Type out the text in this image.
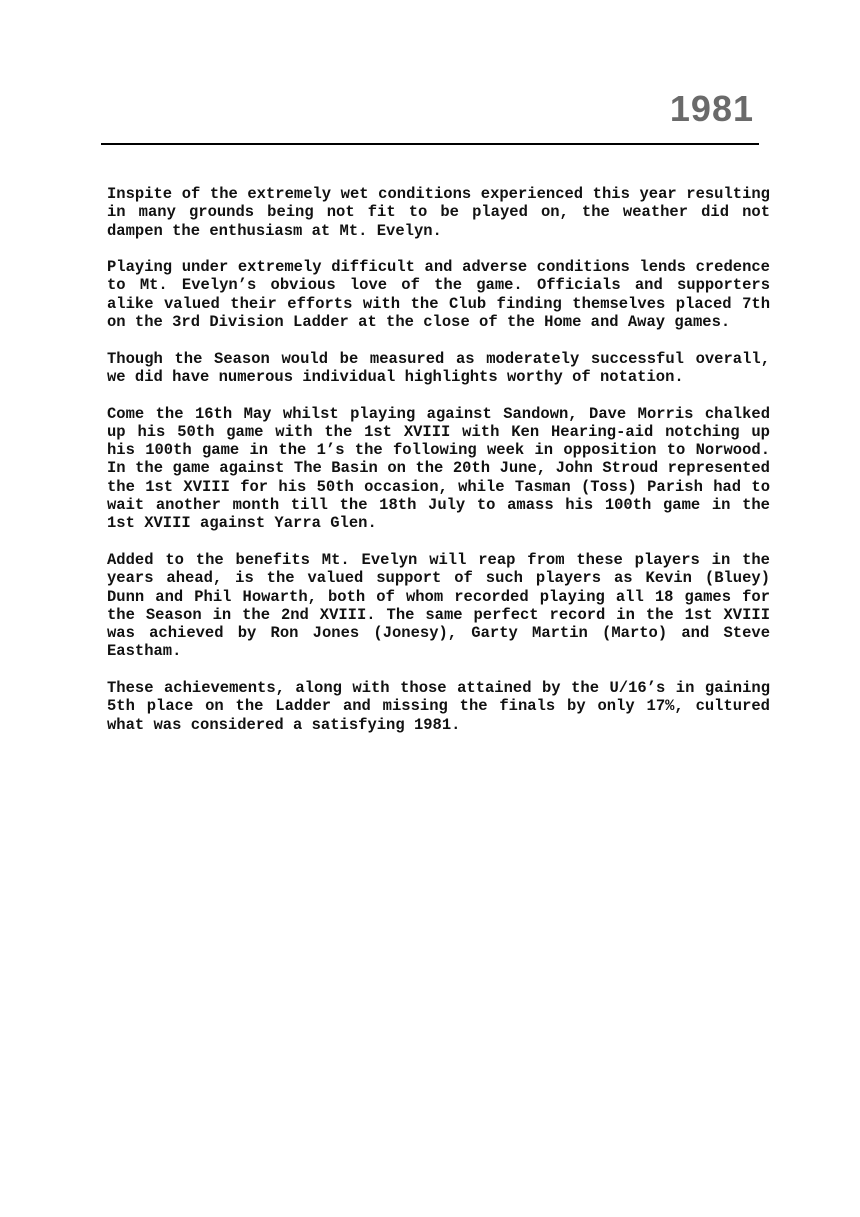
1981

Inspite of the extremely wet conditions experienced this year resulting in many grounds being not fit to be played on, the weather did not dampen the enthusiasm at Mt. Evelyn.

Playing under extremely difficult and adverse conditions lends credence to Mt. Evelyn’s obvious love of the game. Officials and supporters alike valued their efforts with the Club finding themselves placed 7th on the 3rd Division Ladder at the close of the Home and Away games.

Though the Season would be measured as moderately successful overall, we did have numerous individual highlights worthy of notation.

Come the 16th May whilst playing against Sandown, Dave Morris chalked up his 50th game with the 1st XVIII with Ken Hearing-aid notching up his 100th game in the 1’s the following week in opposition to Norwood. In the game against The Basin on the 20th June, John Stroud represented the 1st XVIII for his 50th occasion, while Tasman (Toss) Parish had to wait another month till the 18th July to amass his 100th game in the 1st XVIII against Yarra Glen.

Added to the benefits Mt. Evelyn will reap from these players in the years ahead, is the valued support of such players as Kevin (Bluey) Dunn and Phil Howarth, both of whom recorded playing all 18 games for the Season in the 2nd XVIII. The same perfect record in the 1st XVIII was achieved by Ron Jones (Jonesy), Garty Martin (Marto) and Steve Eastham.

These achievements, along with those attained by the U/16’s in gaining 5th place on the Ladder and missing the finals by only 17%, cultured what was considered a satisfying 1981.
